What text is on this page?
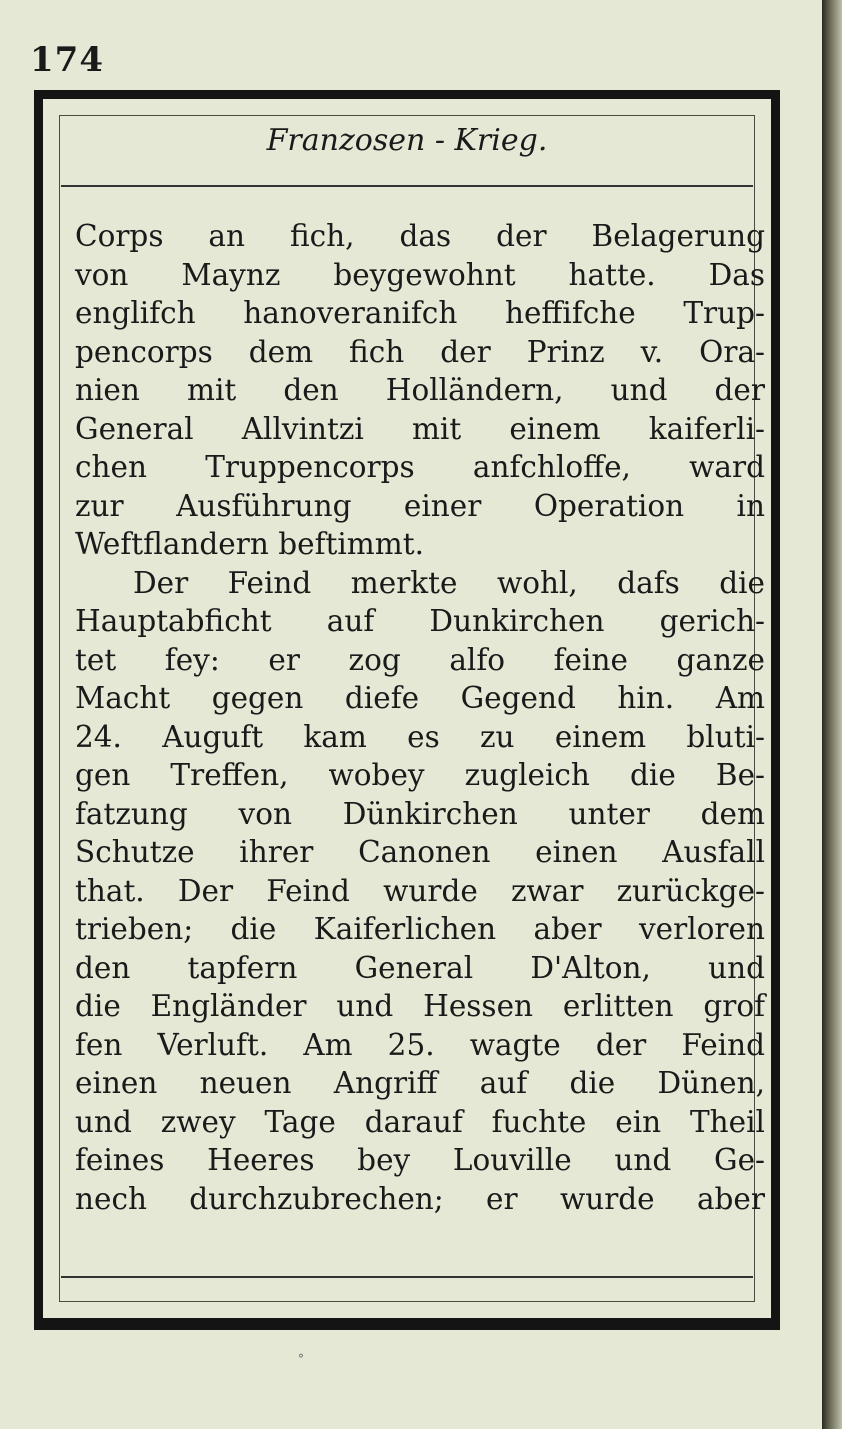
174
Franzosen - Krieg.
Corps an fich, das der Belagerung
von Maynz beygewohnt hatte. Das
englifch hanoveranifch heffifche Trup-
pencorps dem fich der Prinz v. Ora-
nien mit den Holländern, und der
General Allvintzi mit einem kaiferli-
chen Truppencorps anfchloffe, ward
zur Ausführung einer Operation in
Weftflandern beftimmt.
Der Feind merkte wohl, dafs die
Hauptabficht auf Dunkirchen gerich-
tet fey: er zog alfo feine ganze
Macht gegen diefe Gegend hin. Am
24. Auguft kam es zu einem bluti-
gen Treffen, wobey zugleich die Be-
fatzung von Dünkirchen unter dem
Schutze ihrer Canonen einen Ausfall
that. Der Feind wurde zwar zurückge-
trieben; die Kaiferlichen aber verloren
den tapfern General D'Alton, und
die Engländer und Hessen erlitten grof
fen Verluft. Am 25. wagte der Feind
einen neuen Angriff auf die Dünen,
und zwey Tage darauf fuchte ein Theil
feines Heeres bey Louville und Ge-
nech durchzubrechen; er wurde aber
°
